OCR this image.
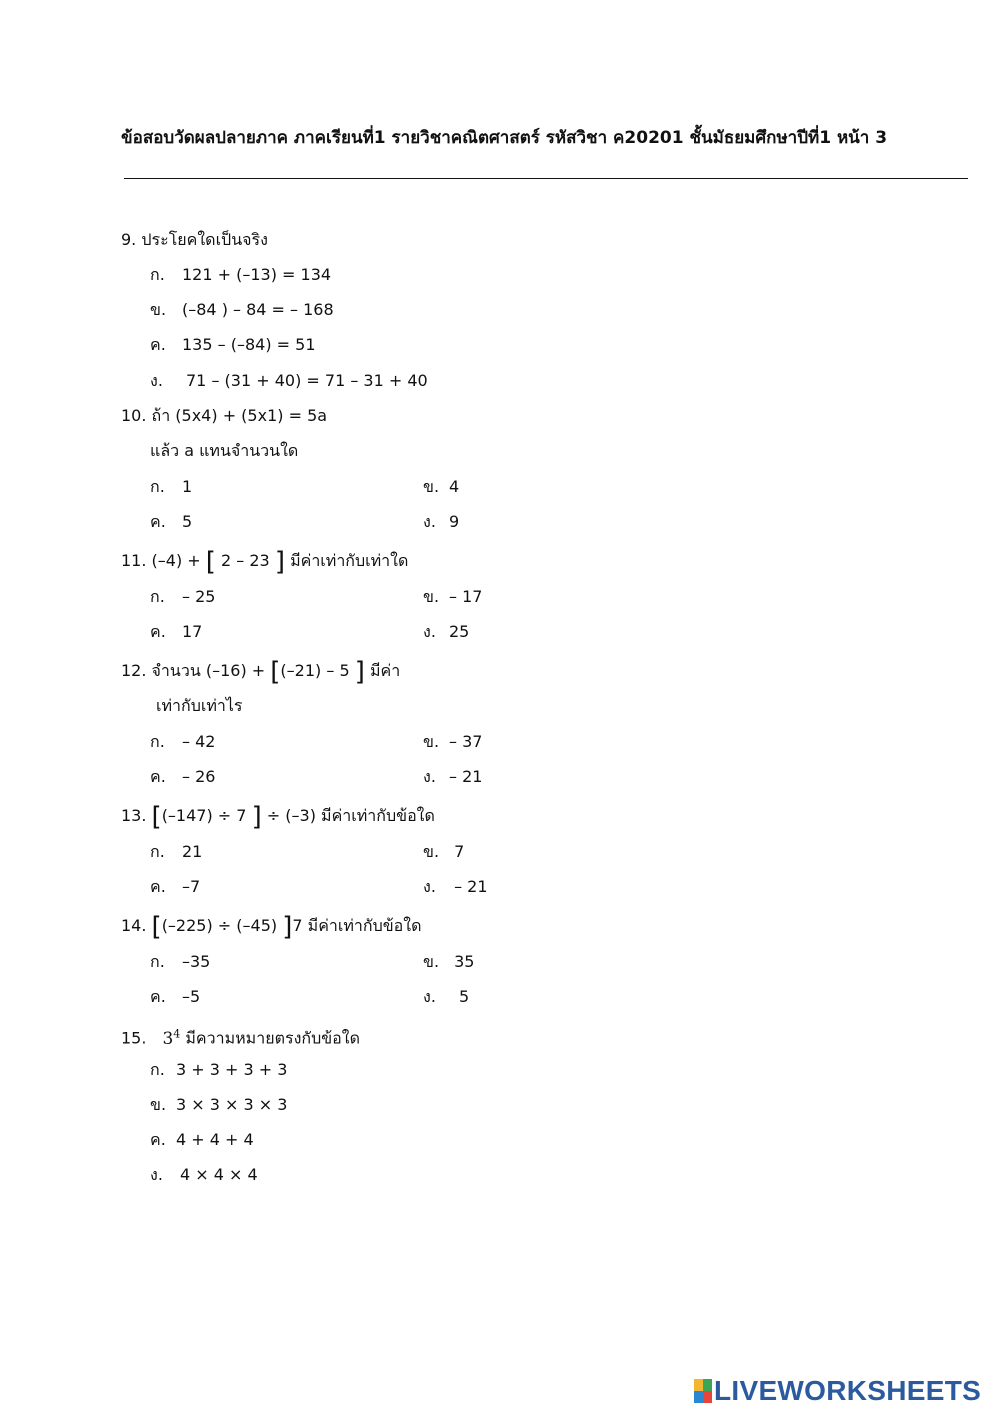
ข้อสอบวัดผลปลายภาค ภาคเรียนที่1 รายวิชาคณิตศาสตร์ รหัสวิชา ค20201 ชั้นมัธยมศึกษาปีที่1 หน้า 3
9. ประโยคใดเป็นจริง
ก. 121 + (–13) = 134
ข. (–84 ) – 84 = – 168
ค. 135 – (–84) = 51
ง. 71 – (31 + 40) = 71 – 31 + 40
10. ถ้า (5x4) + (5x1) = 5a
แล้ว a แทนจำนวนใด
ก. 1	ข. 4
ค. 5	ง. 9
11. (–4) + [ 2 – 23 ] มีค่าเท่ากับเท่าใด
ก. – 25	ข. – 17
ค. 17	ง. 25
12. จำนวน (–16) + [(–21) – 5 ] มีค่า
เท่ากับเท่าไร
ก. – 42	ข. – 37
ค. – 26	ง. – 21
13. [(–147) ÷ 7 ] ÷ (–3) มีค่าเท่ากับข้อใด
ก. 21	ข. 7
ค. –7	ง. – 21
14. [(–225) ÷ (–45) ]7 มีค่าเท่ากับข้อใด
ก. –35	ข. 35
ค. –5	ง. 5
15. $3^4$ มีความหมายตรงกับข้อใด
ก. 3 + 3 + 3 + 3
ข. 3 × 3 × 3 × 3
ค. 4 + 4 + 4
ง. 4 × 4 × 4
LIVEWORKSHEETS
